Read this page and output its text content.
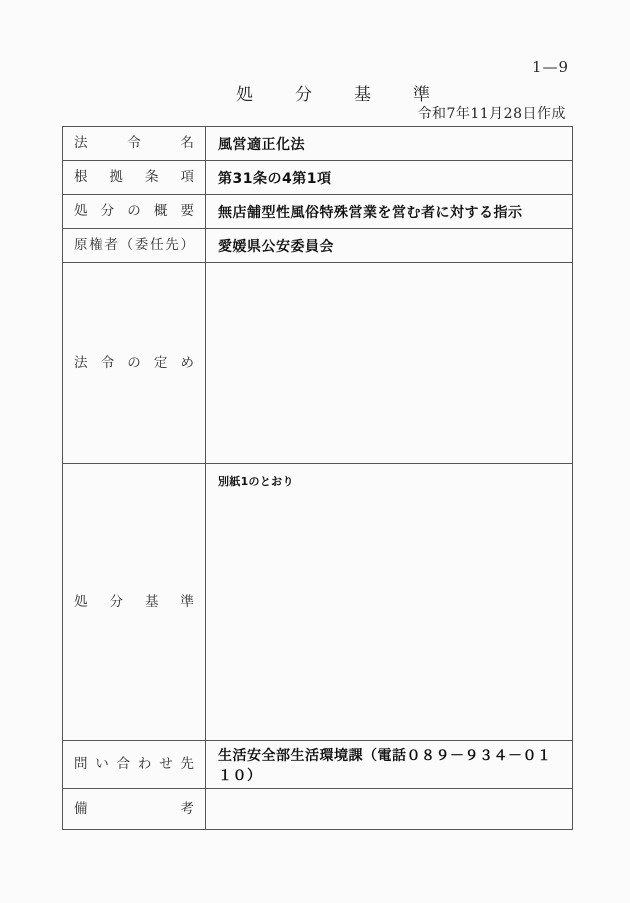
1—9
処分基準
令和7年11月28日作成
法令名	風営適正化法

根拠条項	第31条の4第1項

処分の概要	無店舗型性風俗特殊営業を営む者に対する指示

原権者（委任先）	愛媛県公安委員会

法令の定め	

処分基準	別紙1のとおり

問い合わせ先	生活安全部生活環境課（電話０８９－９３４－０１１０）

備考	
